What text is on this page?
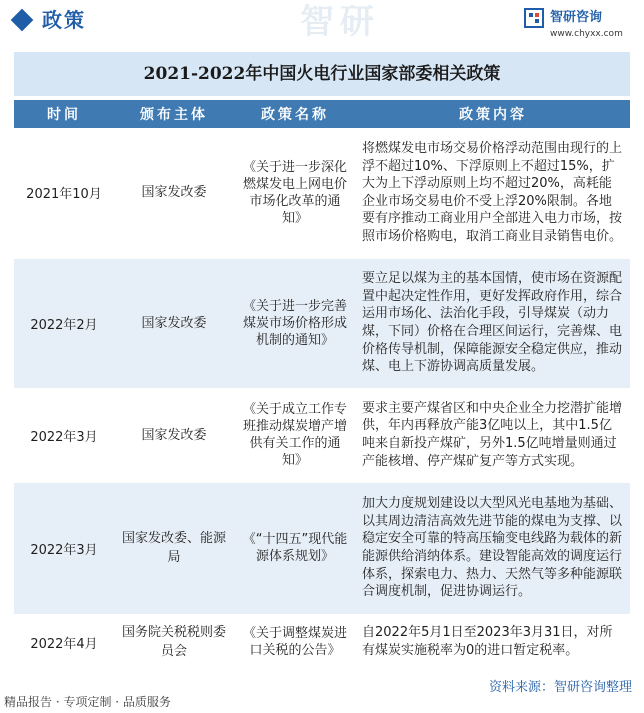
政策	智研	智研咨询
www.chyxx.com
2021-2022年中国火电行业国家部委相关政策
时间	颁布主体	政策名称	政策内容
2021年10月	国家发改委	《关于进一步深化燃煤发电上网电价市场化改革的通知》	将燃煤发电市场交易价格浮动范围由现行的上浮不超过10%、下浮原则上不超过15%，扩大为上下浮动原则上均不超过20%，高耗能企业市场交易电价不受上浮20%限制。各地要有序推动工商业用户全部进入电力市场，按照市场价格购电，取消工商业目录销售电价。
2022年2月	国家发改委	《关于进一步完善煤炭市场价格形成机制的通知》	要立足以煤为主的基本国情，使市场在资源配置中起决定性作用，更好发挥政府作用，综合运用市场化、法治化手段，引导煤炭（动力煤，下同）价格在合理区间运行，完善煤、电价格传导机制，保障能源安全稳定供应，推动煤、电上下游协调高质量发展。
2022年3月	国家发改委	《关于成立工作专班推动煤炭增产增供有关工作的通知》	要求主要产煤省区和中央企业全力挖潜扩能增供，年内再释放产能3亿吨以上，其中1.5亿吨来自新投产煤矿，另外1.5亿吨增量则通过产能核增、停产煤矿复产等方式实现。
2022年3月	国家发改委、能源局	《“十四五”现代能源体系规划》	加大力度规划建设以大型风光电基地为基础、以其周边清洁高效先进节能的煤电为支撑、以稳定安全可靠的特高压输变电线路为载体的新能源供给消纳体系。建设智能高效的调度运行体系，探索电力、热力、天然气等多种能源联合调度机制，促进协调运行。
2022年4月	国务院关税税则委员会	《关于调整煤炭进口关税的公告》	自2022年5月1日至2023年3月31日，对所有煤炭实施税率为0的进口暂定税率。
资料来源：智研咨询整理
精品报告 · 专项定制 · 品质服务
